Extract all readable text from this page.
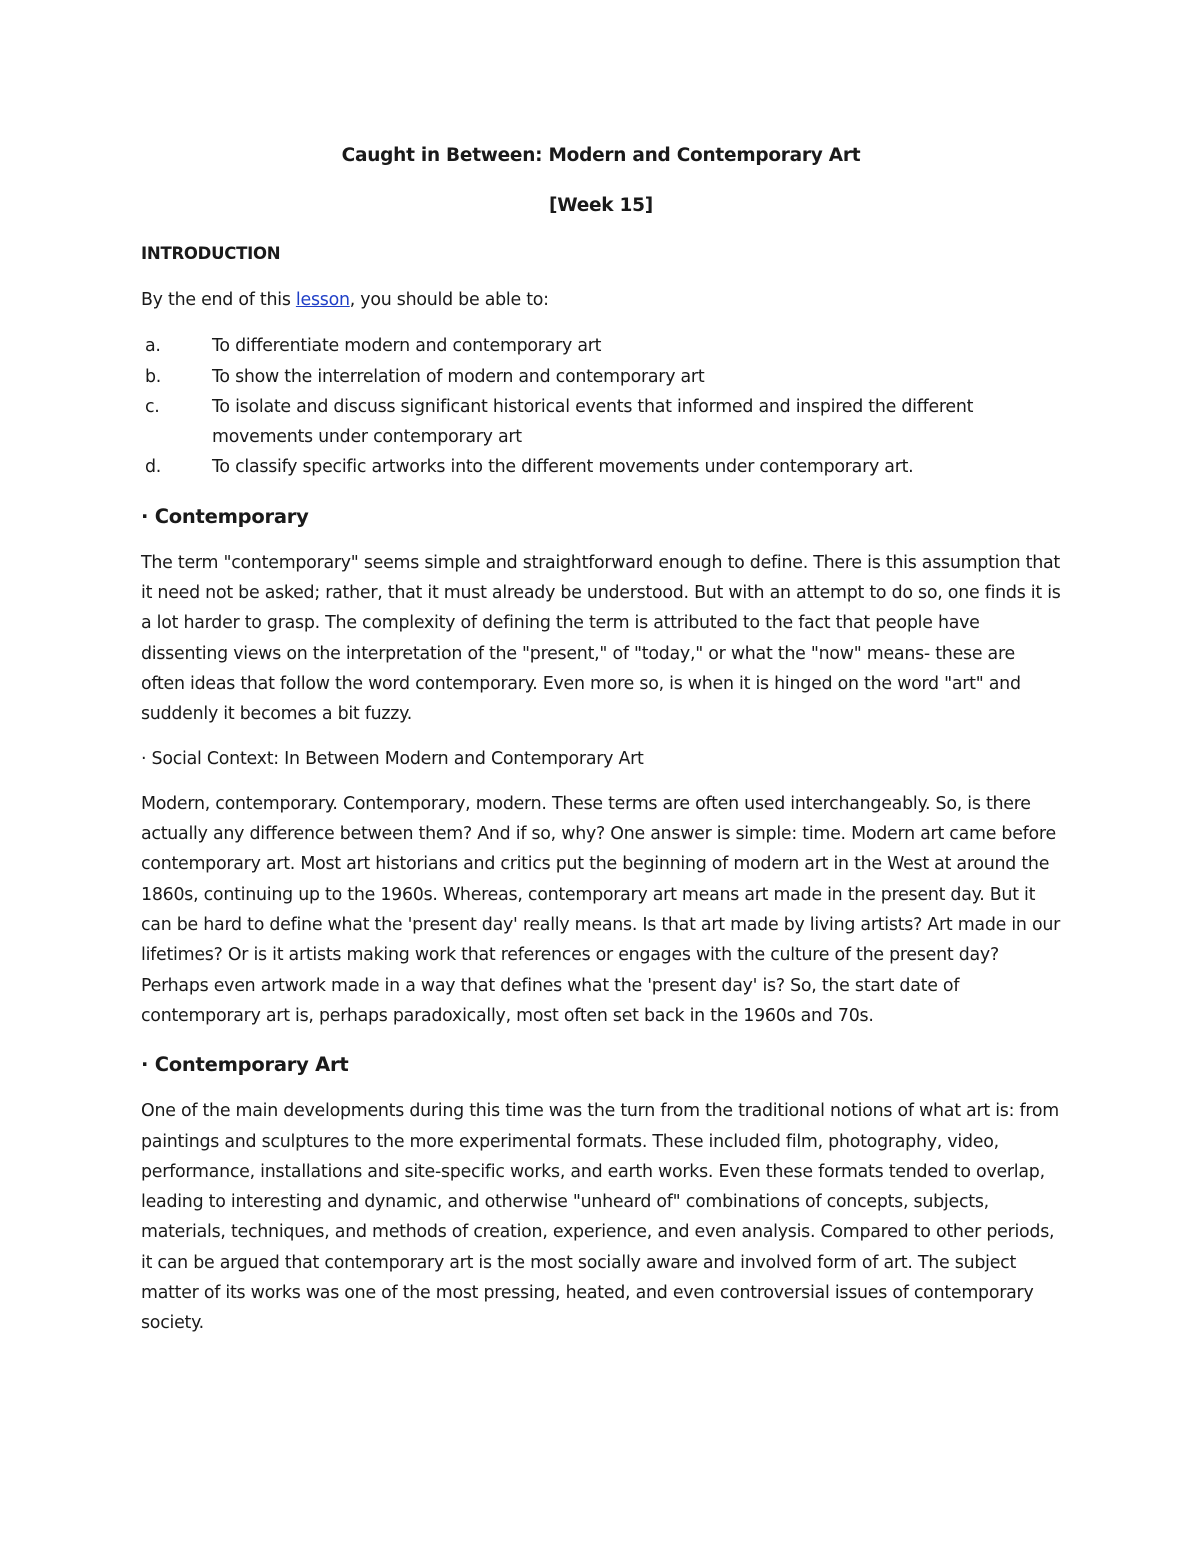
Caught in Between: Modern and Contemporary Art

[Week 15]

INTRODUCTION

By the end of this lesson, you should be able to:

a.	To differentiate modern and contemporary art
b.	To show the interrelation of modern and contemporary art
c.	To isolate and discuss significant historical events that informed and inspired the different movements under contemporary art
d.	To classify specific artworks into the different movements under contemporary art.

· Contemporary

The term "contemporary" seems simple and straightforward enough to define. There is this assumption that it need not be asked; rather, that it must already be understood. But with an attempt to do so, one finds it is a lot harder to grasp. The complexity of defining the term is attributed to the fact that people have dissenting views on the interpretation of the "present," of "today," or what the "now" means- these are often ideas that follow the word contemporary. Even more so, is when it is hinged on the word "art" and suddenly it becomes a bit fuzzy.

· Social Context: In Between Modern and Contemporary Art

Modern, contemporary. Contemporary, modern. These terms are often used interchangeably. So, is there actually any difference between them? And if so, why? One answer is simple: time. Modern art came before contemporary art. Most art historians and critics put the beginning of modern art in the West at around the 1860s, continuing up to the 1960s. Whereas, contemporary art means art made in the present day. But it can be hard to define what the 'present day' really means. Is that art made by living artists? Art made in our lifetimes? Or is it artists making work that references or engages with the culture of the present day? Perhaps even artwork made in a way that defines what the 'present day' is? So, the start date of contemporary art is, perhaps paradoxically, most often set back in the 1960s and 70s.

· Contemporary Art

One of the main developments during this time was the turn from the traditional notions of what art is: from paintings and sculptures to the more experimental formats. These included film, photography, video, performance, installations and site-specific works, and earth works. Even these formats tended to overlap, leading to interesting and dynamic, and otherwise "unheard of" combinations of concepts, subjects, materials, techniques, and methods of creation, experience, and even analysis. Compared to other periods, it can be argued that contemporary art is the most socially aware and involved form of art. The subject matter of its works was one of the most pressing, heated, and even controversial issues of contemporary society.
